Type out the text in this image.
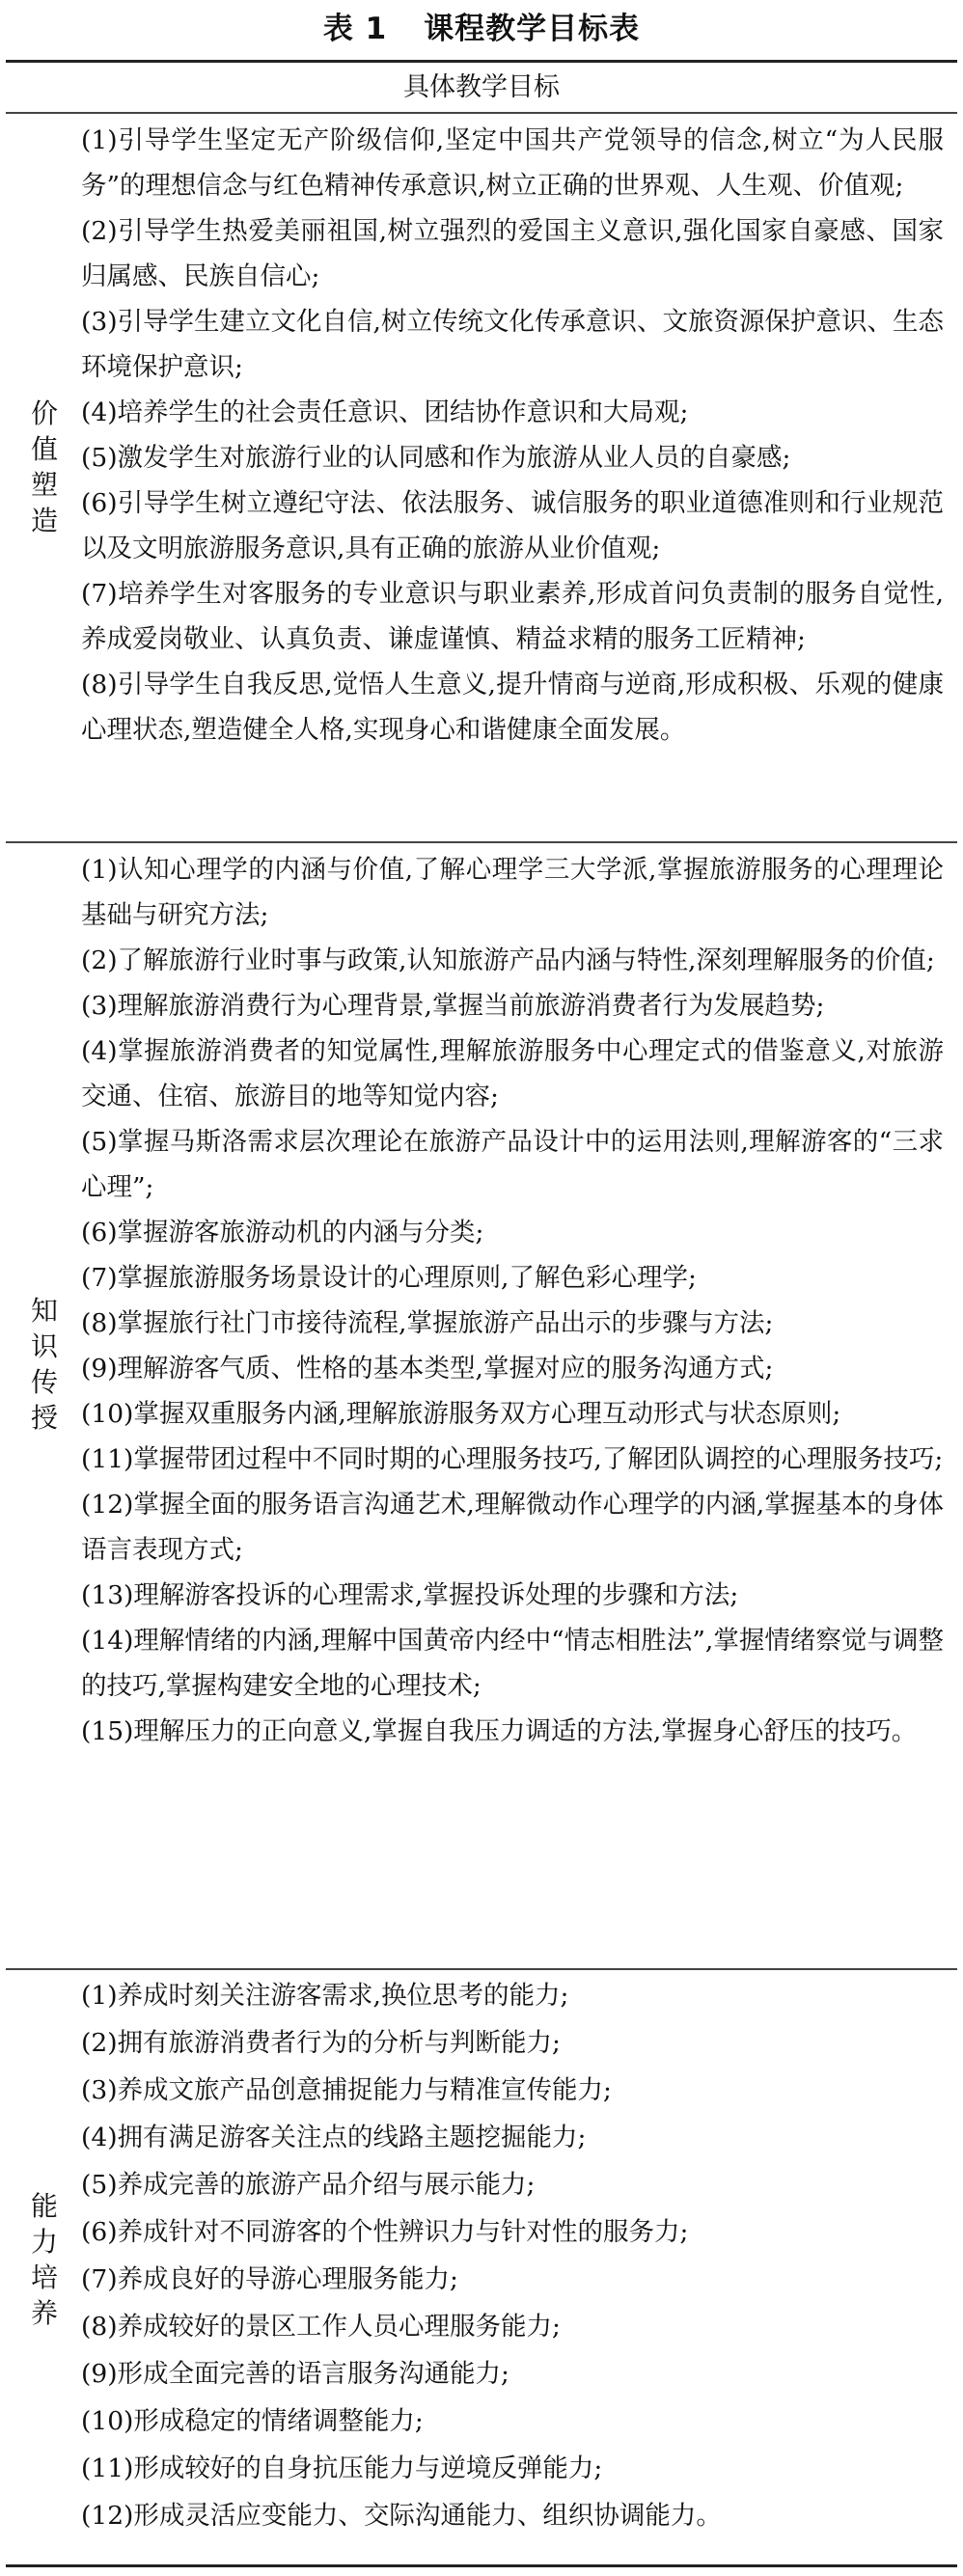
表 1 课程教学目标表
具体教学目标
价
值
塑
造
(1)引导学生坚定无产阶级信仰,坚定中国共产党领导的信念,树立“为人民服务”的理想信念与红色精神传承意识,树立正确的世界观、人生观、价值观;
(2)引导学生热爱美丽祖国,树立强烈的爱国主义意识,强化国家自豪感、国家归属感、民族自信心;
(3)引导学生建立文化自信,树立传统文化传承意识、文旅资源保护意识、生态环境保护意识;
(4)培养学生的社会责任意识、团结协作意识和大局观;
(5)激发学生对旅游行业的认同感和作为旅游从业人员的自豪感;
(6)引导学生树立遵纪守法、依法服务、诚信服务的职业道德准则和行业规范以及文明旅游服务意识,具有正确的旅游从业价值观;
(7)培养学生对客服务的专业意识与职业素养,形成首问负责制的服务自觉性,养成爱岗敬业、认真负责、谦虚谨慎、精益求精的服务工匠精神;
(8)引导学生自我反思,觉悟人生意义,提升情商与逆商,形成积极、乐观的健康心理状态,塑造健全人格,实现身心和谐健康全面发展。
知
识
传
授
(1)认知心理学的内涵与价值,了解心理学三大学派,掌握旅游服务的心理理论基础与研究方法;
(2)了解旅游行业时事与政策,认知旅游产品内涵与特性,深刻理解服务的价值;
(3)理解旅游消费行为心理背景,掌握当前旅游消费者行为发展趋势;
(4)掌握旅游消费者的知觉属性,理解旅游服务中心理定式的借鉴意义,对旅游交通、住宿、旅游目的地等知觉内容;
(5)掌握马斯洛需求层次理论在旅游产品设计中的运用法则,理解游客的“三求心理”;
(6)掌握游客旅游动机的内涵与分类;
(7)掌握旅游服务场景设计的心理原则,了解色彩心理学;
(8)掌握旅行社门市接待流程,掌握旅游产品出示的步骤与方法;
(9)理解游客气质、性格的基本类型,掌握对应的服务沟通方式;
(10)掌握双重服务内涵,理解旅游服务双方心理互动形式与状态原则;
(11)掌握带团过程中不同时期的心理服务技巧,了解团队调控的心理服务技巧;
(12)掌握全面的服务语言沟通艺术,理解微动作心理学的内涵,掌握基本的身体语言表现方式;
(13)理解游客投诉的心理需求,掌握投诉处理的步骤和方法;
(14)理解情绪的内涵,理解中国黄帝内经中“情志相胜法”,掌握情绪察觉与调整的技巧,掌握构建安全地的心理技术;
(15)理解压力的正向意义,掌握自我压力调适的方法,掌握身心舒压的技巧。
能
力
培
养
(1)养成时刻关注游客需求,换位思考的能力;
(2)拥有旅游消费者行为的分析与判断能力;
(3)养成文旅产品创意捕捉能力与精准宣传能力;
(4)拥有满足游客关注点的线路主题挖掘能力;
(5)养成完善的旅游产品介绍与展示能力;
(6)养成针对不同游客的个性辨识力与针对性的服务力;
(7)养成良好的导游心理服务能力;
(8)养成较好的景区工作人员心理服务能力;
(9)形成全面完善的语言服务沟通能力;
(10)形成稳定的情绪调整能力;
(11)形成较好的自身抗压能力与逆境反弹能力;
(12)形成灵活应变能力、交际沟通能力、组织协调能力。
